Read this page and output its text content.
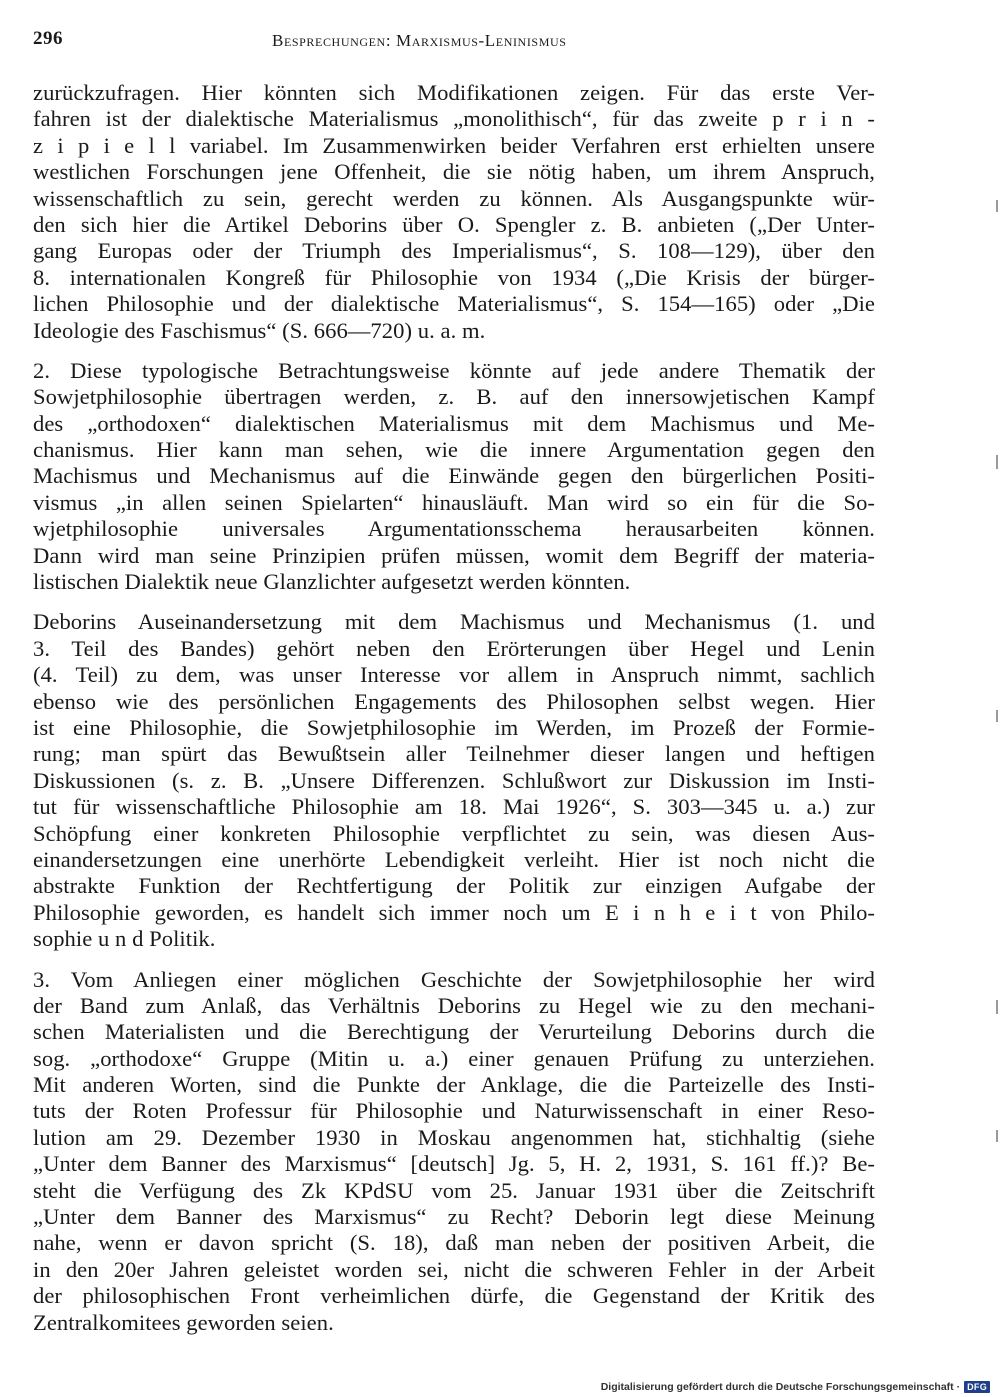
296	Besprechungen: Marxismus-Leninismus

zurückzufragen. Hier könnten sich Modifikationen zeigen. Für das erste Ver-
fahren ist der dialektische Materialismus „monolithisch“, für das zweite p r i n -
z i p i e l l variabel. Im Zusammenwirken beider Verfahren erst erhielten unsere
westlichen Forschungen jene Offenheit, die sie nötig haben, um ihrem Anspruch,
wissenschaftlich zu sein, gerecht werden zu können. Als Ausgangspunkte wür-
den sich hier die Artikel Deborins über O. Spengler z. B. anbieten („Der Unter-
gang Europas oder der Triumph des Imperialismus“, S. 108—129), über den
8. internationalen Kongreß für Philosophie von 1934 („Die Krisis der bürger-
lichen Philosophie und der dialektische Materialismus“, S. 154—165) oder „Die
Ideologie des Faschismus“ (S. 666—720) u. a. m.

2. Diese typologische Betrachtungsweise könnte auf jede andere Thematik der
Sowjetphilosophie übertragen werden, z. B. auf den innersowjetischen Kampf
des „orthodoxen“ dialektischen Materialismus mit dem Machismus und Me-
chanismus. Hier kann man sehen, wie die innere Argumentation gegen den
Machismus und Mechanismus auf die Einwände gegen den bürgerlichen Positi-
vismus „in allen seinen Spielarten“ hinausläuft. Man wird so ein für die So-
wjetphilosophie universales Argumentationsschema herausarbeiten können.
Dann wird man seine Prinzipien prüfen müssen, womit dem Begriff der materia-
listischen Dialektik neue Glanzlichter aufgesetzt werden könnten.

Deborins Auseinandersetzung mit dem Machismus und Mechanismus (1. und
3. Teil des Bandes) gehört neben den Erörterungen über Hegel und Lenin
(4. Teil) zu dem, was unser Interesse vor allem in Anspruch nimmt, sachlich
ebenso wie des persönlichen Engagements des Philosophen selbst wegen. Hier
ist eine Philosophie, die Sowjetphilosophie im Werden, im Prozeß der Formie-
rung; man spürt das Bewußtsein aller Teilnehmer dieser langen und heftigen
Diskussionen (s. z. B. „Unsere Differenzen. Schlußwort zur Diskussion im Insti-
tut für wissenschaftliche Philosophie am 18. Mai 1926“, S. 303—345 u. a.) zur
Schöpfung einer konkreten Philosophie verpflichtet zu sein, was diesen Aus-
einandersetzungen eine unerhörte Lebendigkeit verleiht. Hier ist noch nicht die
abstrakte Funktion der Rechtfertigung der Politik zur einzigen Aufgabe der
Philosophie geworden, es handelt sich immer noch um E i n h e i t von Philo-
sophie u n d Politik.

3. Vom Anliegen einer möglichen Geschichte der Sowjetphilosophie her wird
der Band zum Anlaß, das Verhältnis Deborins zu Hegel wie zu den mechani-
schen Materialisten und die Berechtigung der Verurteilung Deborins durch die
sog. „orthodoxe“ Gruppe (Mitin u. a.) einer genauen Prüfung zu unterziehen.
Mit anderen Worten, sind die Punkte der Anklage, die die Parteizelle des Insti-
tuts der Roten Professur für Philosophie und Naturwissenschaft in einer Reso-
lution am 29. Dezember 1930 in Moskau angenommen hat, stichhaltig (siehe
„Unter dem Banner des Marxismus“ [deutsch] Jg. 5, H. 2, 1931, S. 161 ff.)? Be-
steht die Verfügung des Zk KPdSU vom 25. Januar 1931 über die Zeitschrift
„Unter dem Banner des Marxismus“ zu Recht? Deborin legt diese Meinung
nahe, wenn er davon spricht (S. 18), daß man neben der positiven Arbeit, die
in den 20er Jahren geleistet worden sei, nicht die schweren Fehler in der Arbeit
der philosophischen Front verheimlichen dürfe, die Gegenstand der Kritik des
Zentralkomitees geworden seien.

Digitalisierung gefördert durch die Deutsche Forschungsgemeinschaft · DFG
